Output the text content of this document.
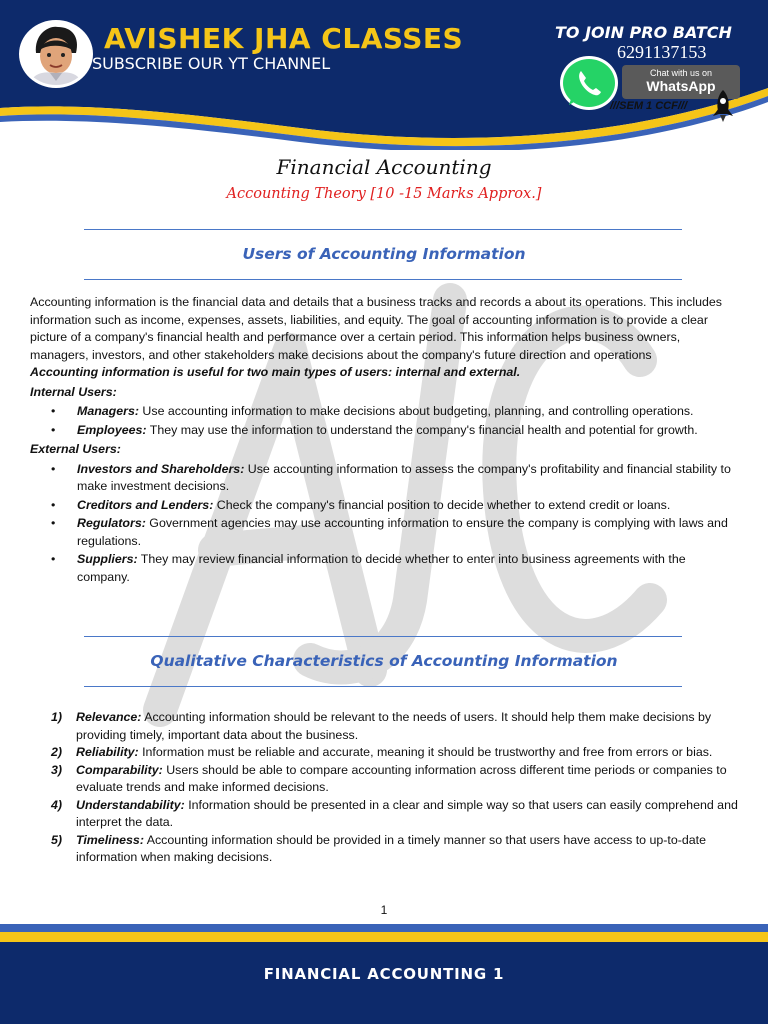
AVISHEK JHA CLASSES
SUBSCRIBE OUR YT CHANNEL
TO JOIN PRO BATCH
6291137153
Chat with us on
WhatsApp
///SEM 1 CCF///
Financial Accounting
Accounting Theory [10 -15 Marks Approx.]
Users of Accounting Information

Accounting information is the financial data and details that a business tracks and records a about its operations. This includes information such as income, expenses, assets, liabilities, and equity. The goal of accounting information is to provide a clear picture of a company's financial health and performance over a certain period. This information helps business owners, managers, investors, and other stakeholders make decisions about the company's future direction and operations

Accounting information is useful for two main types of users: internal and external.

Internal Users:
• Managers: Use accounting information to make decisions about budgeting, planning, and controlling operations.
• Employees: They may use the information to understand the company's financial health and potential for growth.
External Users:
• Investors and Shareholders: Use accounting information to assess the company's profitability and financial stability to make investment decisions.
• Creditors and Lenders: Check the company's financial position to decide whether to extend credit or loans.
• Regulators: Government agencies may use accounting information to ensure the company is complying with laws and regulations.
• Suppliers: They may review financial information to decide whether to enter into business agreements with the company.
Qualitative Characteristics of Accounting Information
1) Relevance: Accounting information should be relevant to the needs of users. It should help them make decisions by providing timely, important data about the business.
2) Reliability: Information must be reliable and accurate, meaning it should be trustworthy and free from errors or bias.
3) Comparability: Users should be able to compare accounting information across different time periods or companies to evaluate trends and make informed decisions.
4) Understandability: Information should be presented in a clear and simple way so that users can easily comprehend and interpret the data.
5) Timeliness: Accounting information should be provided in a timely manner so that users have access to up-to-date information when making decisions.
1
FINANCIAL ACCOUNTING 1
